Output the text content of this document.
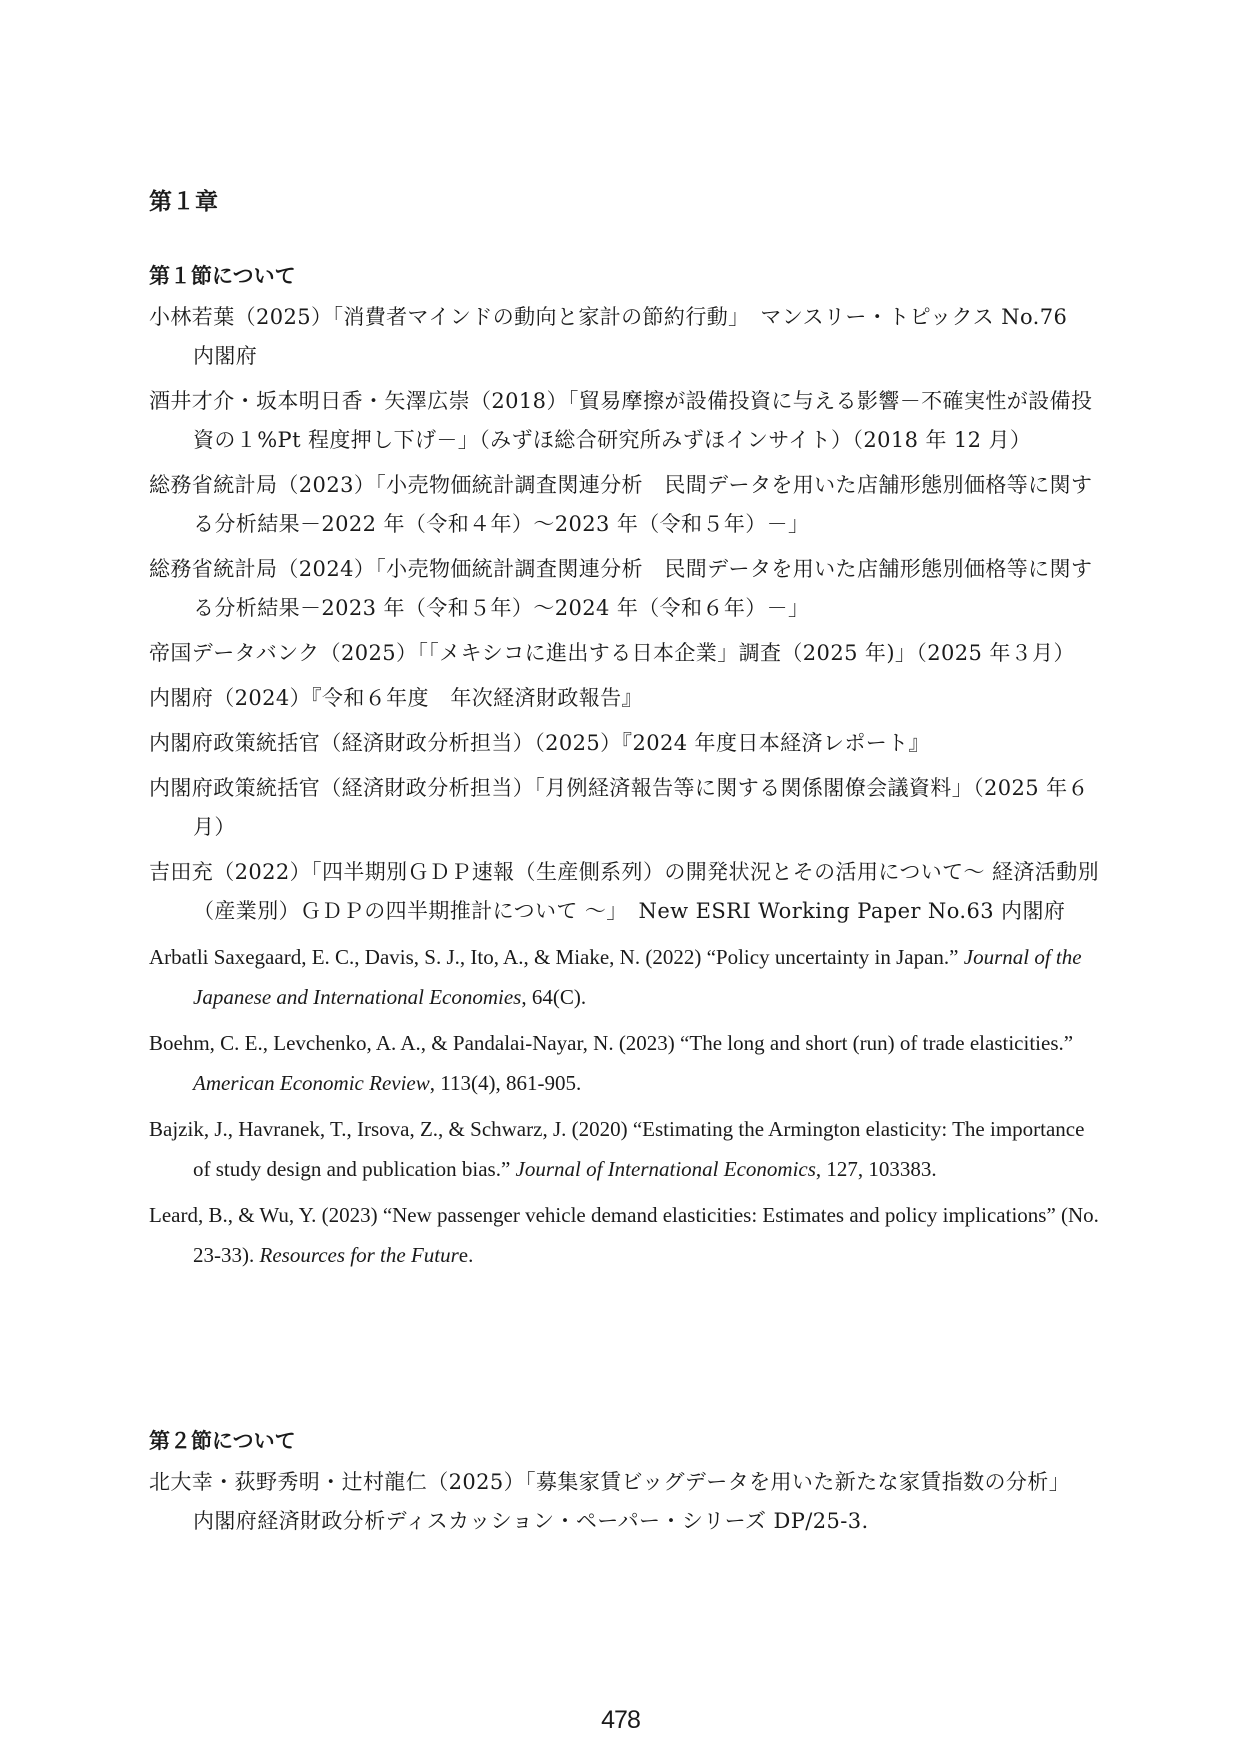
第１章
第１節について

小林若葉（2025）「消費者マインドの動向と家計の節約行動」　マンスリー・トピックス No.76　内閣府

酒井才介・坂本明日香・矢澤広崇（2018）「貿易摩擦が設備投資に与える影響－不確実性が設備投資の１%Pt 程度押し下げ－」（みずほ総合研究所みずほインサイト）（2018 年 12 月）

総務省統計局（2023）「小売物価統計調査関連分析　民間データを用いた店舗形態別価格等に関する分析結果－2022 年（令和４年）～2023 年（令和５年）－」

総務省統計局（2024）「小売物価統計調査関連分析　民間データを用いた店舗形態別価格等に関する分析結果－2023 年（令和５年）～2024 年（令和６年）－」

帝国データバンク（2025）「「メキシコに進出する日本企業」調査（2025 年)」（2025 年３月）

内閣府（2024）『令和６年度　年次経済財政報告』

内閣府政策統括官（経済財政分析担当）（2025）『2024 年度日本経済レポート』

内閣府政策統括官（経済財政分析担当）「月例経済報告等に関する関係閣僚会議資料」（2025 年６月）

吉田充（2022）「四半期別ＧＤＰ速報（生産側系列）の開発状況とその活用について～ 経済活動別（産業別）ＧＤＰの四半期推計について ～」　New ESRI Working Paper No.63 内閣府

Arbatli Saxegaard, E. C., Davis, S. J., Ito, A., & Miake, N. (2022) “Policy uncertainty in Japan.” Journal of the Japanese and International Economies, 64(C).

Boehm, C. E., Levchenko, A. A., & Pandalai-Nayar, N. (2023) “The long and short (run) of trade elasticities.” American Economic Review, 113(4), 861-905.

Bajzik, J., Havranek, T., Irsova, Z., & Schwarz, J. (2020) “Estimating the Armington elasticity: The importance of study design and publication bias.” Journal of International Economics, 127, 103383.

Leard, B., & Wu, Y. (2023) “New passenger vehicle demand elasticities: Estimates and policy implications” (No. 23-33). Resources for the Future.

第２節について

北大幸・荻野秀明・辻村龍仁（2025）「募集家賃ビッグデータを用いた新たな家賃指数の分析」　内閣府経済財政分析ディスカッション・ペーパー・シリーズ DP/25-3.

478
